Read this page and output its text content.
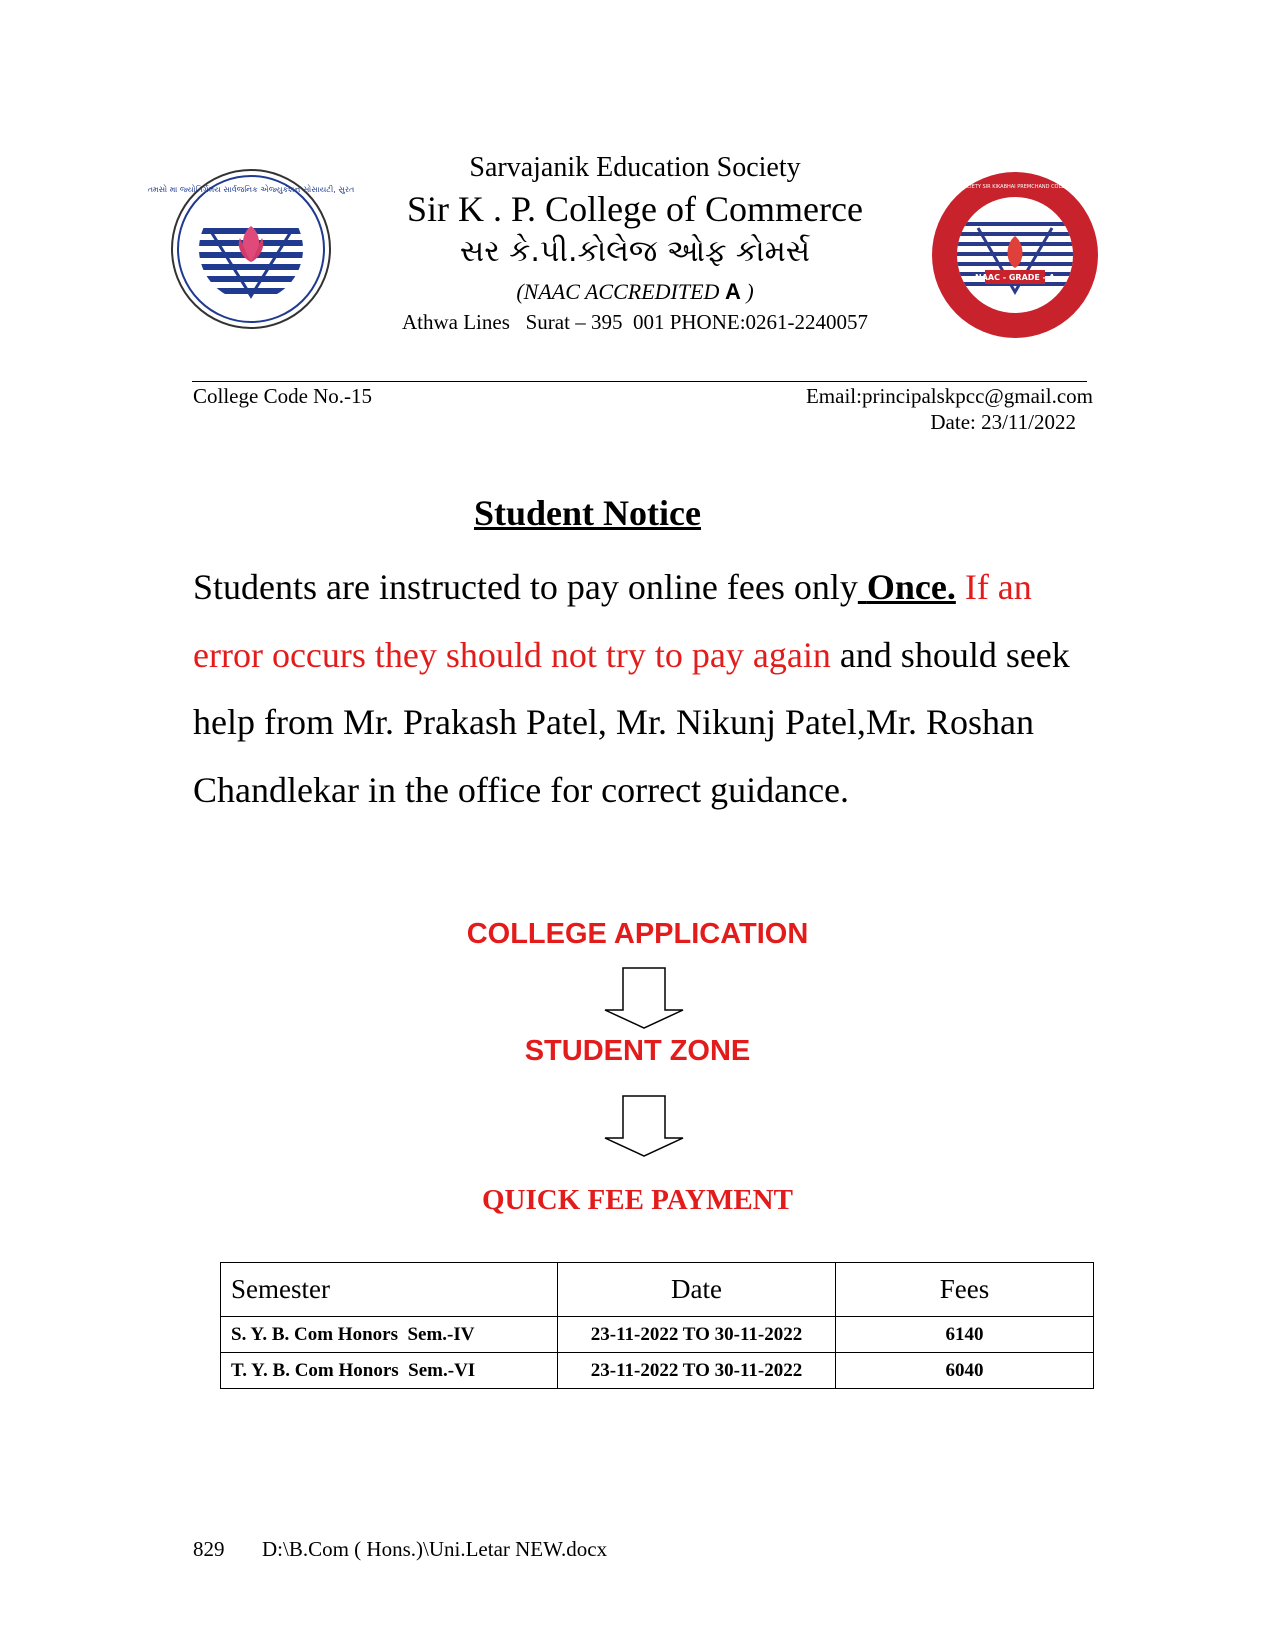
તમસો મા જ્યોતિર્ગમય સાર્વજનિક એજ્યુકેશન સોસાયટી, સુરત
NAAC - GRADE - A
SARVAJANIK EDUCATION SOCIETY SIR KIKABHAI PREMCHAND COLLEGE OF COMMERCE, SURAT
Sarvajanik Education Society
Sir K . P. College of Commerce
સર કે.પી.કોલેજ ઓફ કોમર્સ
(NAAC ACCREDITED A )
Athwa Lines   Surat – 395  001 PHONE:0261-2240057
College Code No.-15	Email:principalskpcc@gmail.com
Date: 23/11/2022
Student Notice
Students are instructed to pay online fees only Once. If an error occurs they should not try to pay again and should seek help from Mr. Prakash Patel, Mr. Nikunj Patel,Mr. Roshan Chandlekar in the office for correct guidance.
COLLEGE APPLICATION
STUDENT ZONE
QUICK FEE PAYMENT
Semester	Date	Fees
S. Y. B. Com Honors  Sem.-IV	23-11-2022 TO 30-11-2022	6140
T. Y. B. Com Honors  Sem.-VI	23-11-2022 TO 30-11-2022	6040
829 D:\B.Com ( Hons.)\Uni.Letar NEW.docx
